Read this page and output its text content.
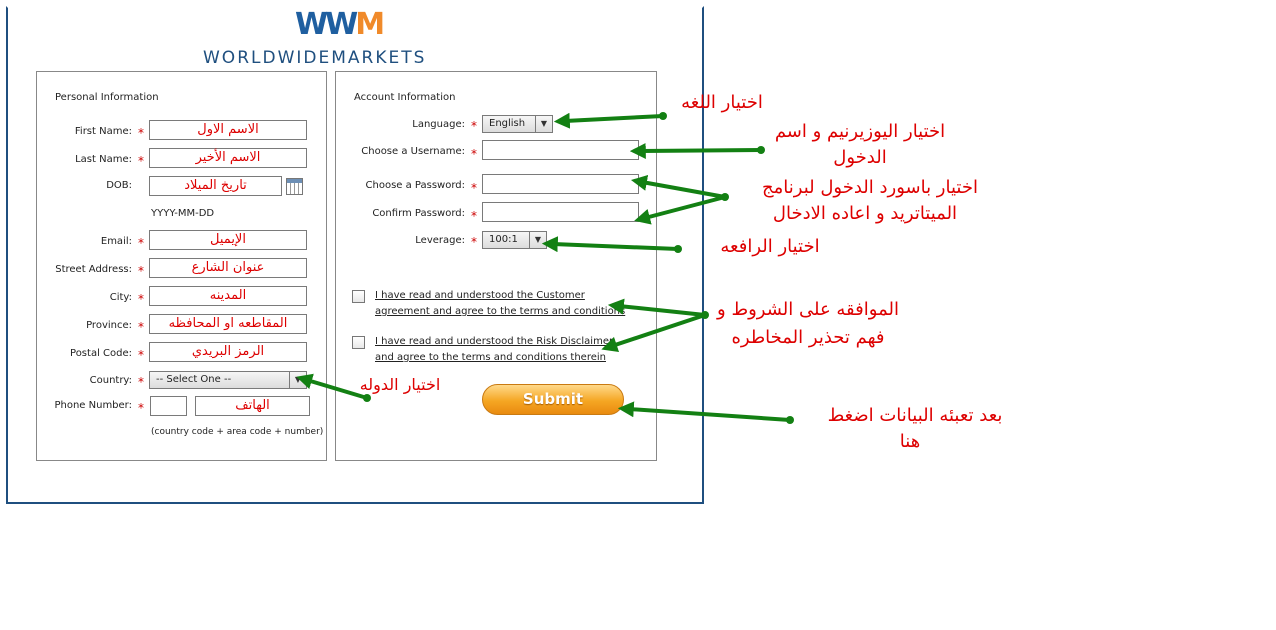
WWM
WORLDWIDEMARKETS
Personal Information
First Name: *	الاسم الاول
Last Name: *	الاسم الأخير
DOB:	تاريخ الميلاد
YYYY-MM-DD
Email: *	الإيميل
Street Address: *	عنوان الشارع
City: *	المدينه
Province: *	المقاطعه او المحافظه
Postal Code: *	الرمز البريدي
Country: *	-- Select One --	▼
Phone Number: *	الهاتف
(country code + area code + number)
Account Information
Language: *	English	▼
Choose a Username: *
Choose a Password: *
Confirm Password: *
Leverage: *	100:1	▼
I have read and understood the Customer
agreement and agree to the terms and conditions
I have read and understood the Risk Disclaimer
and agree to the terms and conditions therein
Submit
اختيار اللغه
اختيار اليوزيرنيم و اسم
الدخول
اختيار باسورد الدخول لبرنامج
الميتاتريد و اعاده الادخال
اختيار الرافعه
الموافقه على الشروط و
فهم تحذير المخاطره
اختيار الدوله
بعد تعبئه البيانات اضغط
هنا
